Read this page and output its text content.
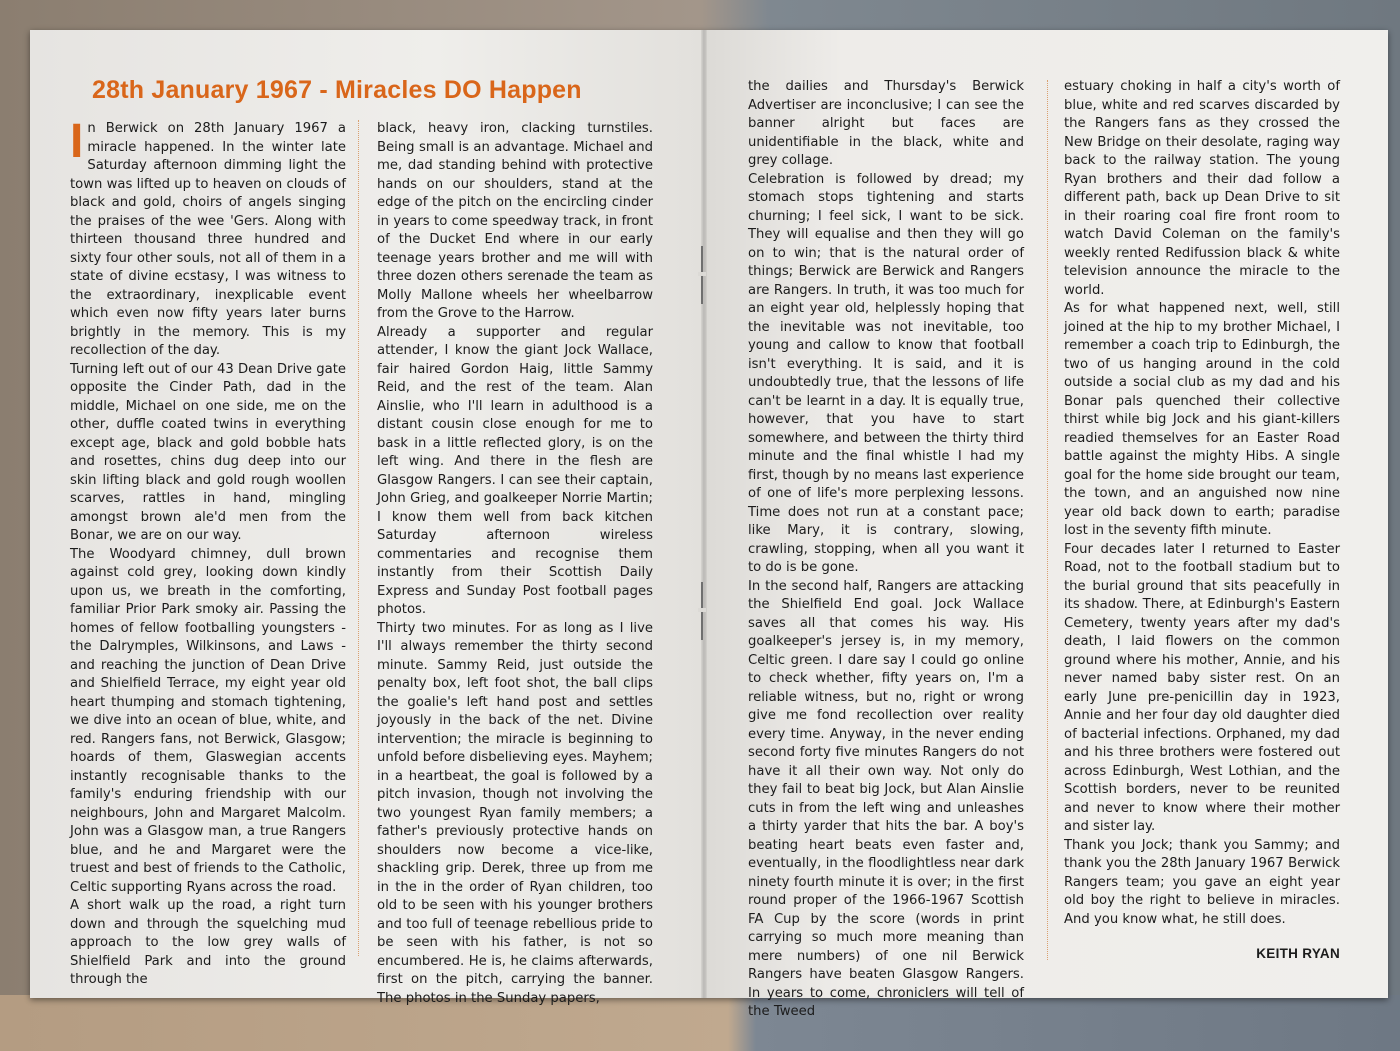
28th January 1967 - Miracles DO Happen

In Berwick on 28th January 1967 a miracle happened. In the winter late Saturday afternoon dimming light the town was lifted up to heaven on clouds of black and gold, choirs of angels singing the praises of the wee 'Gers. Along with thirteen thousand three hundred and sixty four other souls, not all of them in a state of divine ecstasy, I was witness to the extraordinary, inexplicable event which even now fifty years later burns brightly in the memory. This is my recollection of the day.

Turning left out of our 43 Dean Drive gate opposite the Cinder Path, dad in the middle, Michael on one side, me on the other, duffle coated twins in everything except age, black and gold bobble hats and rosettes, chins dug deep into our skin lifting black and gold rough woollen scarves, rattles in hand, mingling amongst brown ale'd men from the Bonar, we are on our way.

The Woodyard chimney, dull brown against cold grey, looking down kindly upon us, we breath in the comforting, familiar Prior Park smoky air. Passing the homes of fellow footballing youngsters - the Dalrymples, Wilkinsons, and Laws - and reaching the junction of Dean Drive and Shielfield Terrace, my eight year old heart thumping and stomach tightening, we dive into an ocean of blue, white, and red. Rangers fans, not Berwick, Glasgow; hoards of them, Glaswegian accents instantly recognisable thanks to the family's enduring friendship with our neighbours, John and Margaret Malcolm. John was a Glasgow man, a true Rangers blue, and he and Margaret were the truest and best of friends to the Catholic, Celtic supporting Ryans across the road.

A short walk up the road, a right turn down and through the squelching mud approach to the low grey walls of Shielfield Park and into the ground through the

black, heavy iron, clacking turnstiles. Being small is an advantage. Michael and me, dad standing behind with protective hands on our shoulders, stand at the edge of the pitch on the encircling cinder in years to come speedway track, in front of the Ducket End where in our early teenage years brother and me will with three dozen others serenade the team as Molly Mallone wheels her wheelbarrow from the Grove to the Harrow.

Already a supporter and regular attender, I know the giant Jock Wallace, fair haired Gordon Haig, little Sammy Reid, and the rest of the team. Alan Ainslie, who I'll learn in adulthood is a distant cousin close enough for me to bask in a little reflected glory, is on the left wing. And there in the flesh are Glasgow Rangers. I can see their captain, John Grieg, and goalkeeper Norrie Martin; I know them well from back kitchen Saturday afternoon wireless commentaries and recognise them instantly from their Scottish Daily Express and Sunday Post football pages photos.

Thirty two minutes. For as long as I live I'll always remember the thirty second minute. Sammy Reid, just outside the penalty box, left foot shot, the ball clips the goalie's left hand post and settles joyously in the back of the net. Divine intervention; the miracle is beginning to unfold before disbelieving eyes. Mayhem; in a heartbeat, the goal is followed by a pitch invasion, though not involving the two youngest Ryan family members; a father's previously protective hands on shoulders now become a vice-like, shackling grip. Derek, three up from me in the in the order of Ryan children, too old to be seen with his younger brothers and too full of teenage rebellious pride to be seen with his father, is not so encumbered. He is, he claims afterwards, first on the pitch, carrying the banner. The photos in the Sunday papers,

the dailies and Thursday's Berwick Advertiser are inconclusive; I can see the banner alright but faces are unidentifiable in the black, white and grey collage.

Celebration is followed by dread; my stomach stops tightening and starts churning; I feel sick, I want to be sick. They will equalise and then they will go on to win; that is the natural order of things; Berwick are Berwick and Rangers are Rangers. In truth, it was too much for an eight year old, helplessly hoping that the inevitable was not inevitable, too young and callow to know that football isn't everything. It is said, and it is undoubtedly true, that the lessons of life can't be learnt in a day. It is equally true, however, that you have to start somewhere, and between the thirty third minute and the final whistle I had my first, though by no means last experience of one of life's more perplexing lessons. Time does not run at a constant pace; like Mary, it is contrary, slowing, crawling, stopping, when all you want it to do is be gone.

In the second half, Rangers are attacking the Shielfield End goal. Jock Wallace saves all that comes his way. His goalkeeper's jersey is, in my memory, Celtic green. I dare say I could go online to check whether, fifty years on, I'm a reliable witness, but no, right or wrong give me fond recollection over reality every time. Anyway, in the never ending second forty five minutes Rangers do not have it all their own way. Not only do they fail to beat big Jock, but Alan Ainslie cuts in from the left wing and unleashes a thirty yarder that hits the bar. A boy's beating heart beats even faster and, eventually, in the floodlightless near dark ninety fourth minute it is over; in the first round proper of the 1966-1967 Scottish FA Cup by the score (words in print carrying so much more meaning than mere numbers) of one nil Berwick Rangers have beaten Glasgow Rangers. In years to come, chroniclers will tell of the Tweed

estuary choking in half a city's worth of blue, white and red scarves discarded by the Rangers fans as they crossed the New Bridge on their desolate, raging way back to the railway station. The young Ryan brothers and their dad follow a different path, back up Dean Drive to sit in their roaring coal fire front room to watch David Coleman on the family's weekly rented Redifussion black & white television announce the miracle to the world.

As for what happened next, well, still joined at the hip to my brother Michael, I remember a coach trip to Edinburgh, the two of us hanging around in the cold outside a social club as my dad and his Bonar pals quenched their collective thirst while big Jock and his giant-killers readied themselves for an Easter Road battle against the mighty Hibs. A single goal for the home side brought our team, the town, and an anguished now nine year old back down to earth; paradise lost in the seventy fifth minute.

Four decades later I returned to Easter Road, not to the football stadium but to the burial ground that sits peacefully in its shadow. There, at Edinburgh's Eastern Cemetery, twenty years after my dad's death, I laid flowers on the common ground where his mother, Annie, and his never named baby sister rest. On an early June pre-penicillin day in 1923, Annie and her four day old daughter died of bacterial infections. Orphaned, my dad and his three brothers were fostered out across Edinburgh, West Lothian, and the Scottish borders, never to be reunited and never to know where their mother and sister lay.

Thank you Jock; thank you Sammy; and thank you the 28th January 1967 Berwick Rangers team; you gave an eight year old boy the right to believe in miracles. And you know what, he still does.

KEITH RYAN
